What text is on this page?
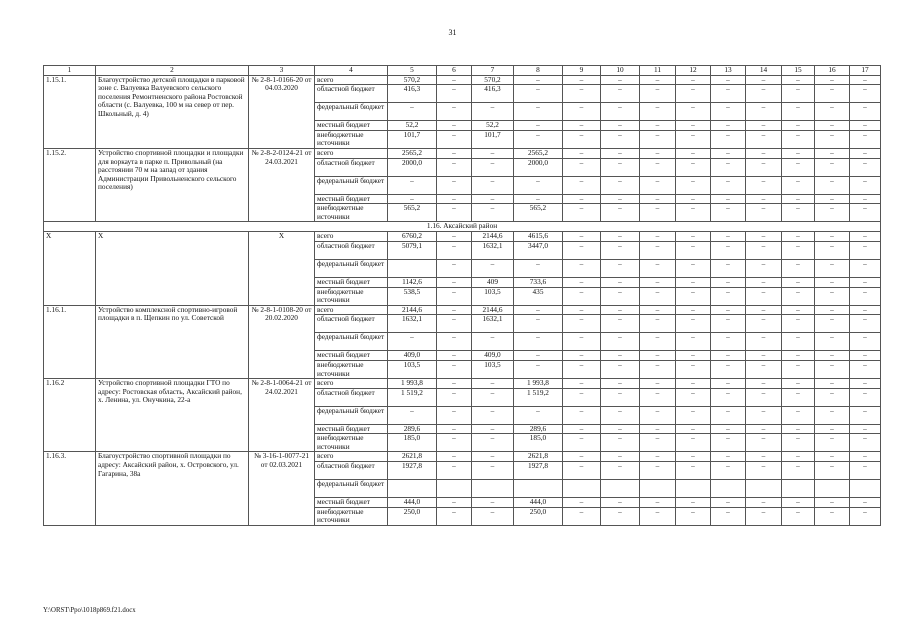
31
1	2	3	4	5	6	7	8	9	10	11	12	13	14	15	16	17
1.15.1.	Благоустройство детской площадки в парковой зоне с. Валуевка Валуевского сельского поселения Ремонтненского района Ростовской области (с. Валуевка, 100 м на север от пер. Школьный, д. 4)	№ 2-8-1-0166-20 от 04.03.2020	всего	570,2	–	570,2	–	–	–	–	–	–	–	–	–	–
			областной бюджет	416,3	–	416,3	–	–	–	–	–	–	–	–	–	–
			федеральный бюджет	–	–	–	–	–	–	–	–	–	–	–	–	–
			местный бюджет	52,2	–	52,2	–	–	–	–	–	–	–	–	–	–
			внебюджетные источники	101,7	–	101,7	–	–	–	–	–	–	–	–	–	–
1.15.2.	Устройство спортивной площадки и площадки для воркаута в парке п. Привольный (на расстоянии 70 м на запад от здания Администрации Привольненского сельского поселения)	№ 2-8-2-0124-21 от 24.03.2021	всего	2565,2	–	–	2565,2	–	–	–	–	–	–	–	–	–
			областной бюджет	2000,0	–	–	2000,0	–	–	–	–	–	–	–	–	–
			федеральный бюджет	–	–	–	–	–	–	–	–	–	–	–	–	–
			местный бюджет	–	–	–	–	–	–	–	–	–	–	–	–	–
			внебюджетные источники	565,2	–	–	565,2	–	–	–	–	–	–	–	–	–
1.16. Аксайский район																
X	X	X	всего	6760,2	–	2144,6	4615,6	–	–	–	–	–	–	–	–	–
			областной бюджет	5079,1	–	1632,1	3447,0	–	–	–	–	–	–	–	–	–
			федеральный бюджет		–	–	–	–	–	–	–	–	–	–	–	–
			местный бюджет	1142,6	–	409	733,6	–	–	–	–	–	–	–	–	–
			внебюджетные источники	538,5	–	103,5	435	–	–	–	–	–	–	–	–	–
1.16.1.	Устройство комплексной спортивно-игровой площадки в п. Щепкин по ул. Советской	№ 2-8-1-0108-20 от 20.02.2020	всего	2144,6	–	2144,6	–	–	–	–	–	–	–	–	–	–
			областной бюджет	1632,1	–	1632,1	–	–	–	–	–	–	–	–	–	–
			федеральный бюджет	–	–	–	–	–	–	–	–	–	–	–	–	–
			местный бюджет	409,0	–	409,0	–	–	–	–	–	–	–	–	–	–
			внебюджетные источники	103,5	–	103,5	–	–	–	–	–	–	–	–	–	–
1.16.2	Устройство спортивной площадки ГТО по адресу: Ростовская область, Аксайский район, х. Ленина, ул. Онучкина, 22-а	№ 2-8-1-0064-21 от 24.02.2021	всего	1 993,8	–	–	1 993,8	–	–	–	–	–	–	–	–	–
			областной бюджет	1 519,2	–	–	1 519,2	–	–	–	–	–	–	–	–	–
			федеральный бюджет	–	–	–	–	–	–	–	–	–	–	–	–	–
			местный бюджет	289,6	–	–	289,6	–	–	–	–	–	–	–	–	–
			внебюджетные источники	185,0	–	–	185,0	–	–	–	–	–	–	–	–	–
1.16.3.	Благоустройство спортивной площадки по адресу: Аксайский район, х. Островского, ул. Гагарина, 38а	№ 3-16-1-0077-21 от 02.03.2021	всего	2621,8	–	–	2621,8	–	–	–	–	–	–	–	–	–
			областной бюджет	1927,8	–	–	1927,8	–	–	–	–	–	–	–	–	–
			федеральный бюджет													
			местный бюджет	444,0	–	–	444,0	–	–	–	–	–	–	–	–	–
			внебюджетные источники	250,0	–	–	250,0	–	–	–	–	–	–	–	–	–
Y:\ORST\Ppo\1018p869.f21.docx
